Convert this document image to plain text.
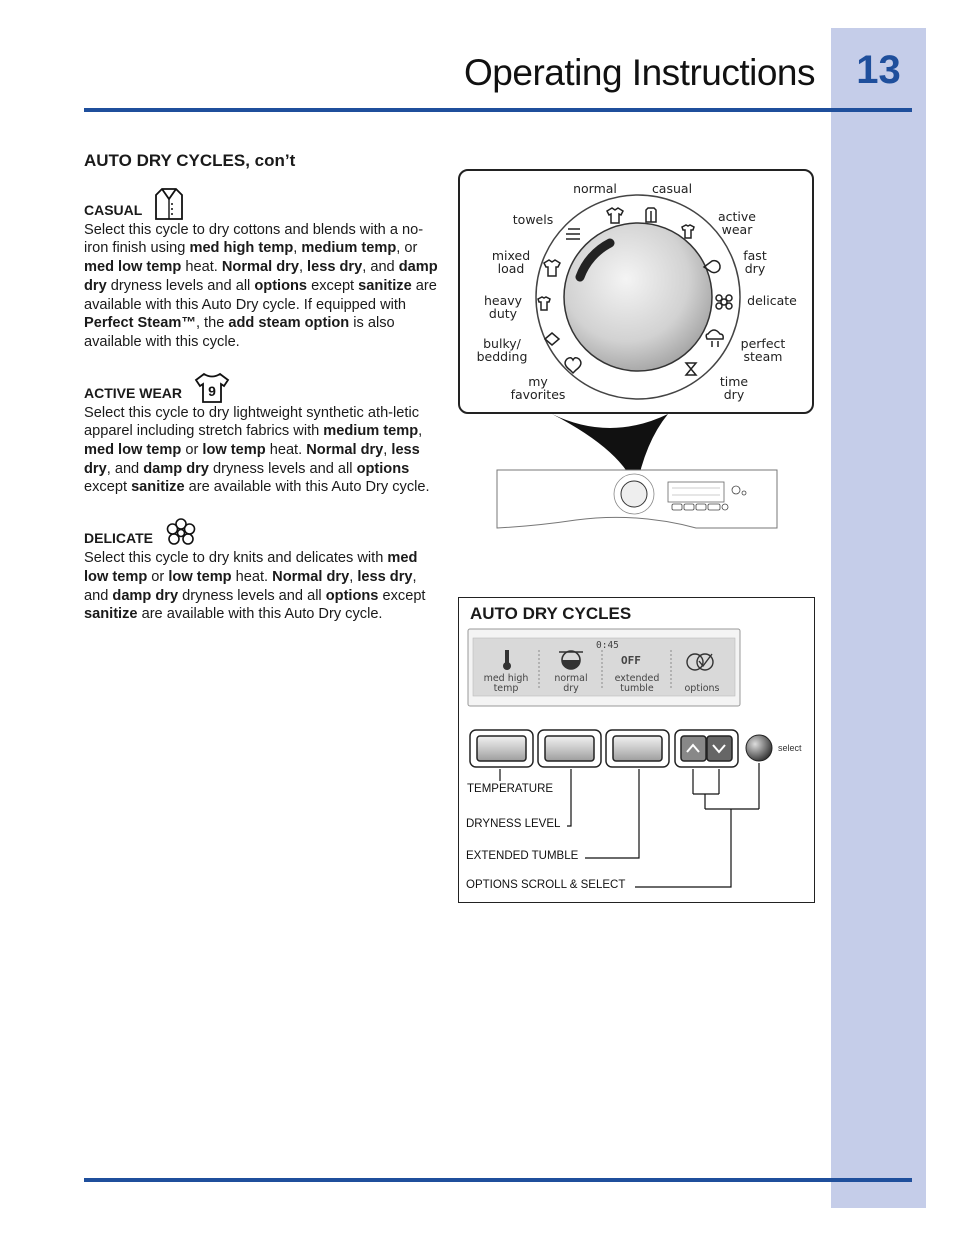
13
Operating Instructions
AUTO DRY CYCLES, con’t
CASUAL

Select this cycle to dry cottons and blends with a no-iron finish using med high temp, medium temp, or med low temp heat. Normal dry, less dry, and damp dry dryness levels and all options except sanitize are available with this Auto Dry cycle. If equipped with Perfect Steam™, the add steam option is also available with this cycle.

ACTIVE WEAR 9

Select this cycle to dry lightweight synthetic ath-letic apparel including stretch fabrics with medium temp, med low temp or low temp heat. Normal dry, less dry, and damp dry dryness levels and all options except sanitize are available with this Auto Dry cycle.

DELICATE

Select this cycle to dry knits and delicates with med low temp or low temp heat. Normal dry, less dry, and damp dry dryness levels and all options except sanitize are available with this Auto Dry cycle.

normal	casual
towels	active
wear
mixed
load
fast
dry
heavy
duty
delicate
bulky/
bedding
perfect
steam
my
favorites
time
dry
AUTO DRY CYCLES
0:45
OFF
med high
temp
normal
dry
extended
tumble	options
select
TEMPERATURE
DRYNESS LEVEL
EXTENDED TUMBLE
OPTIONS SCROLL & SELECT
